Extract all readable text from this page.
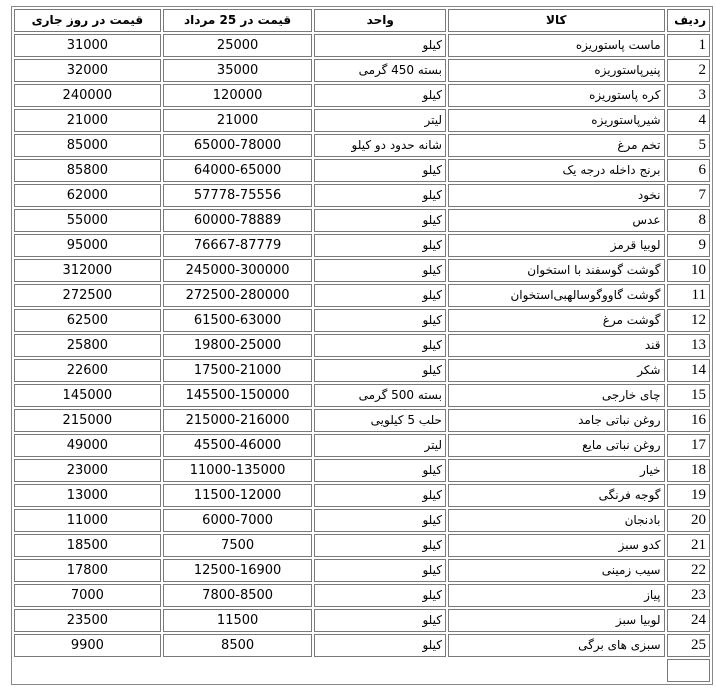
ردیف	کالا	واحد	قیمت در 25 مرداد	قیمت در روز جاری
1	ماست پاستوریزه	کیلو	25000	31000
2	پنیرپاستوریزه	بسته 450 گرمی	35000	32000
3	کره پاستوریزه	کیلو	120000	240000
4	شیرپاستوریزه	لیتر	21000	21000
5	تخم مرغ	شانه حدود دو کیلو	65000-78000	85000
6	برنج داخله درجه یک	کیلو	64000-65000	85800
7	نخود	کیلو	57778-75556	62000
8	عدس	کیلو	60000-78889	55000
9	لوبیا قرمز	کیلو	76667-87779	95000
10	گوشت گوسفند با استخوان	کیلو	245000-300000	312000
11	گوشت گاووگوسالهبی‌استخوان	کیلو	272500-280000	272500
12	گوشت مرغ	کیلو	61500-63000	62500
13	قند	کیلو	19800-25000	25800
14	شکر	کیلو	17500-21000	22600
15	چای خارجی	بسته 500 گرمی	145500-150000	145000
16	روغن نباتی جامد	حلب 5 کیلویی	215000-216000	215000
17	روغن نباتی مایع	لیتر	45500-46000	49000
18	خیار	کیلو	11000-135000	23000
19	گوجه فرنگی	کیلو	11500-12000	13000
20	بادنجان	کیلو	6000-7000	11000
21	کدو سبز	کیلو	7500	18500
22	سیب زمینی	کیلو	12500-16900	17800
23	پیاز	کیلو	7800-8500	7000
24	لوبیا سبز	کیلو	11500	23500
25	سبزی های برگی	کیلو	8500	9900
